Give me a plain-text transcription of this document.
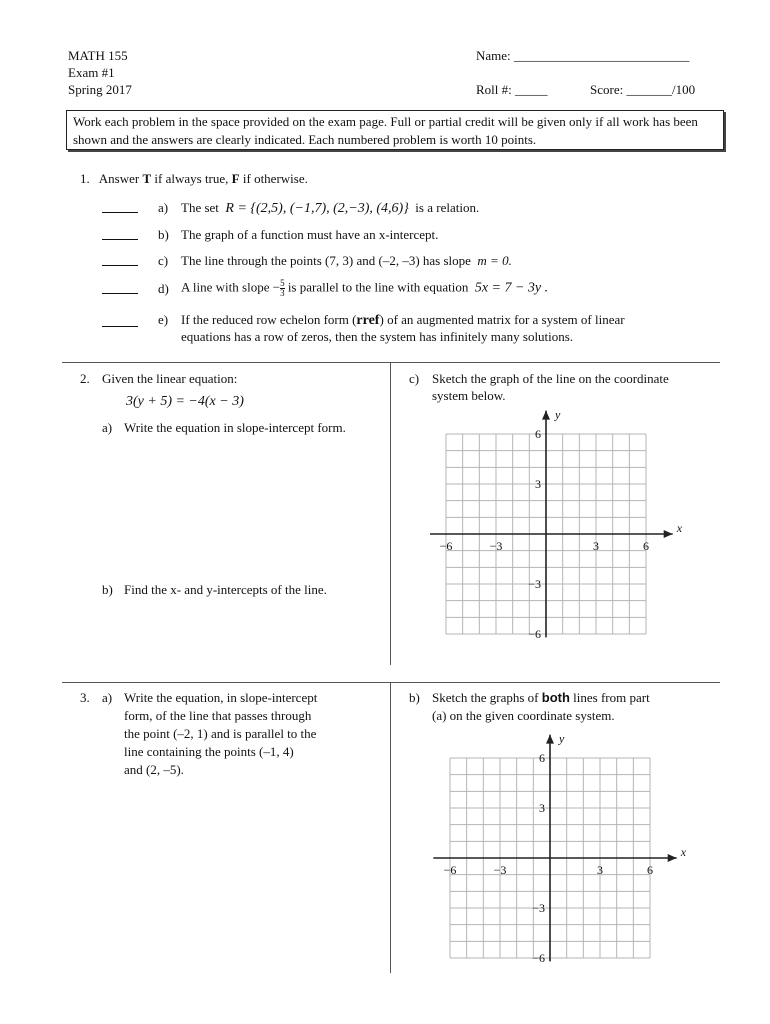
MATH 155
Exam #1
Spring 2017
Name: ___________________________
Roll #: _____	Score: _______/100
Work each problem in the space provided on the exam page. Full or partial credit will be given only if all work has been shown and the answers are clearly indicated. Each numbered problem is worth 10 points.
1. Answer T if always true, F if otherwise.
a) The set R = {(2,5), (−1,7), (2,−3), (4,6)} is a relation.
b) The graph of a function must have an x-intercept.
c) The line through the points (7, 3) and (–2, –3) has slope m = 0.
d) A line with slope − $\frac{5}{3}$ is parallel to the line with equation 5x = 7 − 3y .
e) If the reduced row echelon form (rref) of an augmented matrix for a system of linear
equations has a row of zeros, then the system has infinitely many solutions.
2. Given the linear equation:
3(y + 5) = −4(x − 3)
a) Write the equation in slope-intercept form.
b) Find the x- and y-intercepts of the line.
c) Sketch the graph of the line on the coordinate
system below.
x
y
−6	−3	3	6
6
3
−3
−6
3. a) Write the equation, in slope-intercept
form, of the line that passes through
the point (–2, 1) and is parallel to the
line containing the points (–1, 4)
and (2, –5).
b) Sketch the graphs of both lines from part
(a) on the given coordinate system.
x
y
−6	−3	3	6
6
3
−3
−6
